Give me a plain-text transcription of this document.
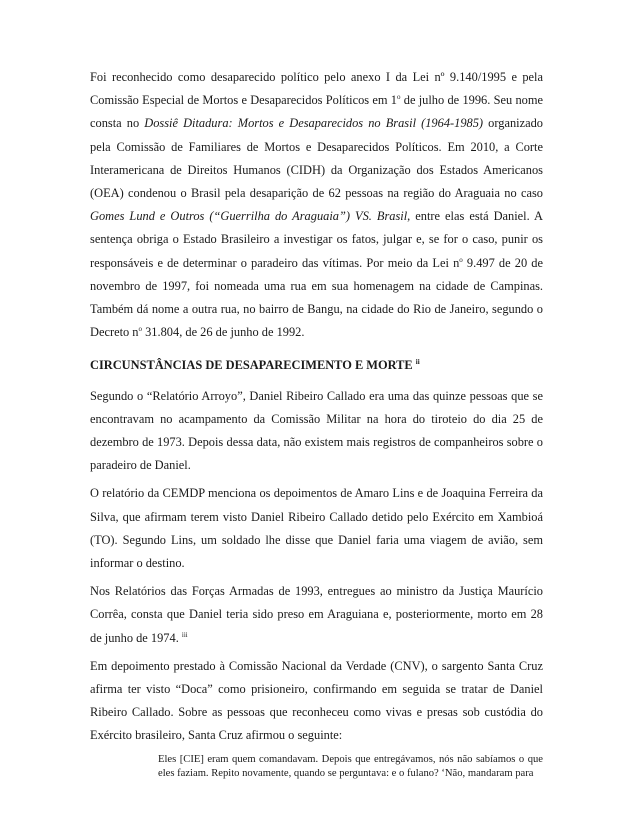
Foi reconhecido como desaparecido político pelo anexo I da Lei nº 9.140/1995 e pela Comissão Especial de Mortos e Desaparecidos Políticos em 1$^o$ de julho de 1996. Seu nome consta no Dossiê Ditadura: Mortos e Desaparecidos no Brasil (1964-1985) organizado pela Comissão de Familiares de Mortos e Desaparecidos Políticos. Em 2010, a Corte Interamericana de Direitos Humanos (CIDH) da Organização dos Estados Americanos (OEA) condenou o Brasil pela desaparição de 62 pessoas na região do Araguaia no caso Gomes Lund e Outros (“Guerrilha do Araguaia”) VS. Brasil, entre elas está Daniel. A sentença obriga o Estado Brasileiro a investigar os fatos, julgar e, se for o caso, punir os responsáveis e de determinar o paradeiro das vítimas. Por meio da Lei $n^o$ 9.497 de 20 de novembro de 1997, foi nomeada uma rua em sua homenagem na cidade de Campinas. Também dá nome a outra rua, no bairro de Bangu, na cidade do Rio de Janeiro, segundo o Decreto $n^o$ 31.804, de 26 de junho de 1992.

CIRCUNSTÂNCIAS DE DESAPARECIMENTO E MORTE $^{ii}$

Segundo o “Relatório Arroyo”, Daniel Ribeiro Callado era uma das quinze pessoas que se encontravam no acampamento da Comissão Militar na hora do tiroteio do dia 25 de dezembro de 1973. Depois dessa data, não existem mais registros de companheiros sobre o paradeiro de Daniel.

O relatório da CEMDP menciona os depoimentos de Amaro Lins e de Joaquina Ferreira da Silva, que afirmam terem visto Daniel Ribeiro Callado detido pelo Exército em Xambioá (TO). Segundo Lins, um soldado lhe disse que Daniel faria uma viagem de avião, sem informar o destino.

Nos Relatórios das Forças Armadas de 1993, entregues ao ministro da Justiça Maurício Corrêa, consta que Daniel teria sido preso em Araguiana e, posteriormente, morto em 28 de junho de 1974. $^{iii}$

Em depoimento prestado à Comissão Nacional da Verdade (CNV), o sargento Santa Cruz afirma ter visto “Doca” como prisioneiro, confirmando em seguida se tratar de Daniel Ribeiro Callado. Sobre as pessoas que reconheceu como vivas e presas sob custódia do Exército brasileiro, Santa Cruz afirmou o seguinte:

Eles [CIE] eram quem comandavam. Depois que entregávamos, nós não sabíamos o que eles faziam. Repito novamente, quando se perguntava: e o fulano? ‘Não, mandaram para
